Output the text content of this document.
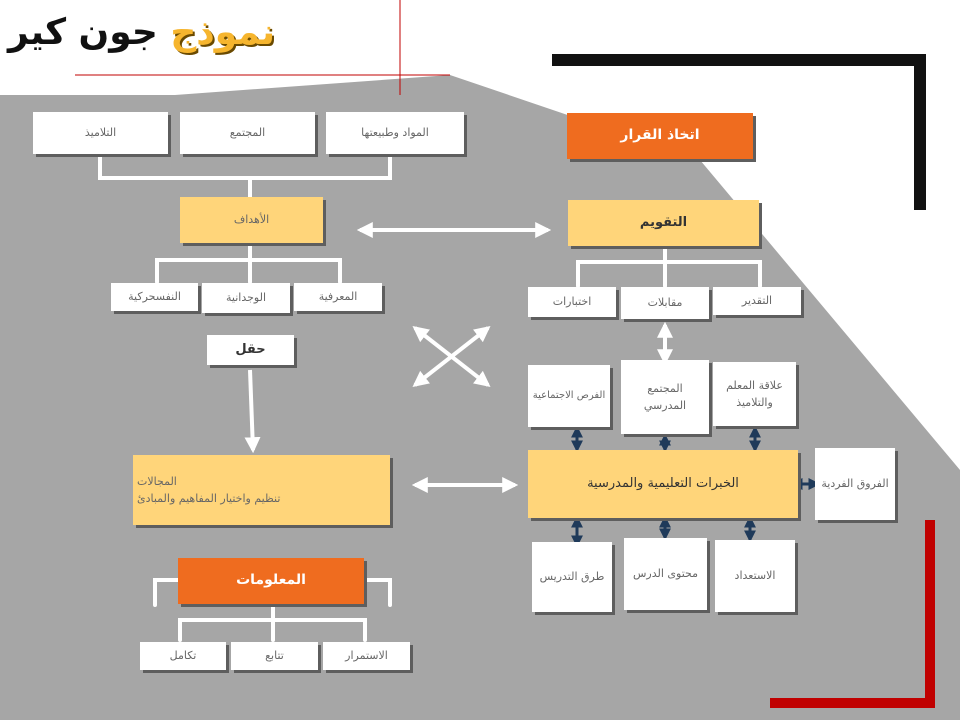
نموذج جون كير
التلاميذ	المجتمع	المواد وطبيعتها
الأهداف
النفسحركية	الوجدانية	المعرفية
حقل
المجالات
تنظيم واختيار المفاهيم والمبادئ
المعلومات
تكامل	تتابع	الاستمرار
اتخاذ القرار
التقويم
اختبارات	مقابلات	التقدير
الفرص الاجتماعية
المجتمع المدرسي
علاقة المعلم والتلاميذ
الخبرات التعليمية والمدرسية	الفروق الفردية
طرق التدريس	محتوى الدرس	الاستعداد
